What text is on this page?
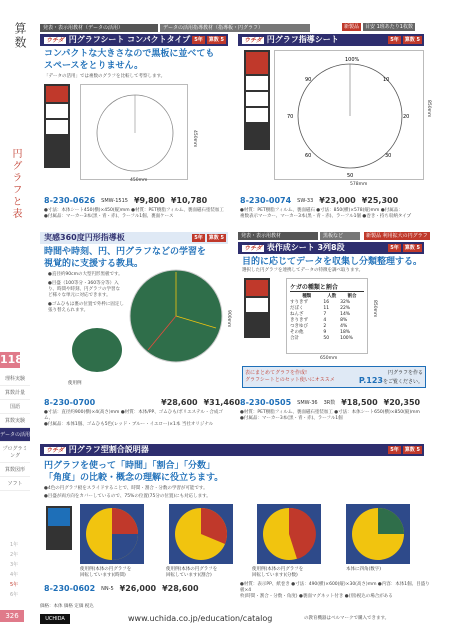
算数
円グラフと表
118
理科実験
算数計量
国語
算数実験
データの活用
プログラミング
算数図形
ソフト
1年
2年
3年
4年
5年
6年
326
発表・表示用教材（データの活用）	データの活用指導教材（指導板・円グラフ）	新製品 目安 1班あたり1枚数
ウチダ 円グラフシート コンパクトタイプ	算数 5
5年
コンパクトな大きさなので黒板に並べても
スペースをとりません。
「データの活用」では複数のグラフを比較して考察します。
450mm
450mm
8-230-0626 SMW-1515 ¥9,800 ¥10,780
●寸法：本体シート450(横)×450(縦)mm ●材質：PET樹脂フィルム、裏面磁石塗装加工
●付属品：マーカー3本(黒・青・赤)、ラーフル1個、裏面ケース
ウチダ 円グラフ指導シート	算数 5
5年
100%
10
20
30
50
60
70
90
578mm
850mm
8-230-0074 SW-33 ¥23,000 ¥25,300
●材質：PET樹脂フィルム、裏面磁石 ●寸法：850(横)×578(縦)mm ●付属品：
複数表示マーカー、マーカー3本(黒・青・赤)、ラーフル1個 ●巻き・持ち収納タイプ
実感360度円形指導板	算数 5
5年
時間や時刻、円、円グラフなどの学習を
視覚的に支援する教具。
●直径約90cmの大型円形黒板です。
●目盛（100等分・360等分等）入り、時間や時刻、円グラフの学習など様々な単元に対応できます。
●ゴムひもは裏の位置で外枠に固定し張り替えられます。	900mm
使用例
8-230-0700	¥28,600 ¥31,460
●寸法：直径約900(横)×4(高さ)mm ●材質：本体/PP、ゴムひも/ポリエステル・合成ゴム、
●付属品：本体1個、ゴムひも5色(レッド・ブルー・イエロー)×1本 当社オリジナル
発表・表示用教材	黒板など	新製品 利用拡大の円グラフ
ウチダ 表作成シート 3列8段	算数 5
5年
目的に応じてデータを収集し分類整理する。
選択した円グラフを連携してデータの特徴を調べ取ります。
ケガの種類と割合
種類	人数	割合
すりきず	16	32%
だぼく	11	22%
ねんざ	7	14%
きりきず	4	8%
つきゆび	2	4%
その他	9	18%
合計	50	100%
650mm
850mm
表にまとめてグラフを作成!
グラフシートとのセット使いにオススメ
円グラフを作る
P.123をご覧ください。
8-230-0505 SMW-36 3R数 ¥18,500 ¥20,350
●材質：PET樹脂フィルム、裏面磁石塗装加工 ●寸法：本体シート650(横)×850(縦)mm
●付属品：マーカー3本(黒・青・赤)、ラーフル1個
ウチダ 円グラフ型割合説明器	算数 5
5年
円グラフを使って「時間」「割合」「分数」
「角度」の比較・概念の理解に役立ちます。
●4色の円グラフ板をスライドすることで、時間・割合・分数の学習が可能です。
●目盛が両方向をカバーしているので、75%の位置(75分の位置)にも対応します。
使用例(本体の円グラフを
回転しています)(時間)
使用例(本体の円グラフを
回転しています)(割合)
使用例(本体の円グラフを
回転しています)(分数)
本体に四角(数字)
8-230-0602 NN-5 ¥26,000 ¥28,600	●材質：表示PP、紙巻き ●寸法：490(横)×600(縦)×30(高さ)mm ●内容：本体1個、目盛り板×4
枚(時間・割合・分数・角度) ●裏面マグネット付き ●(別)税込の場合がある
価格：本体 価格 定価 税込
UCHIDA	www.uchida.co.jp/education/catalog	の教育機器はベルマークで購入できます。
